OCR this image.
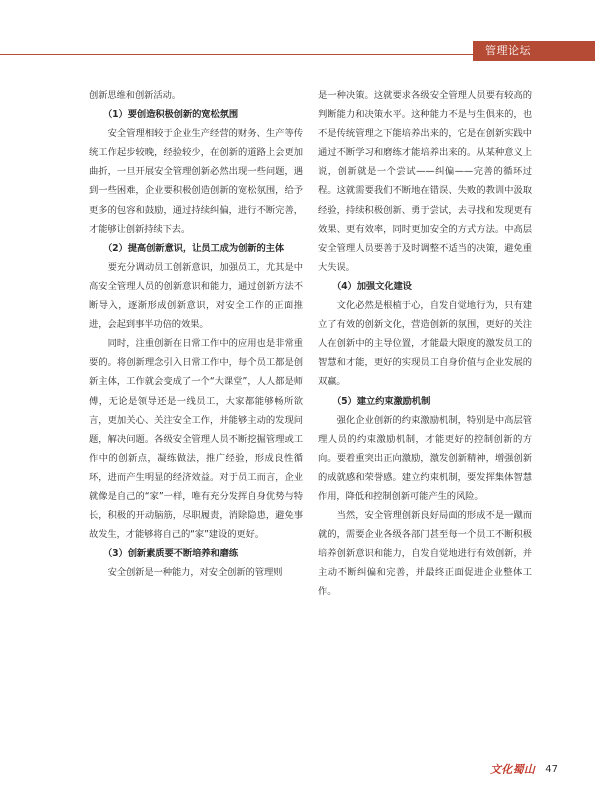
管理论坛

创新思维和创新活动。

（1）要创造积极创新的宽松氛围

安全管理相较于企业生产经营的财务、生产等传统工作起步较晚，经验较少，在创新的道路上会更加曲折，一旦开展安全管理创新必然出现一些问题，遇到一些困难，企业要积极创造创新的宽松氛围，给予更多的包容和鼓励，通过持续纠偏，进行不断完善，才能够让创新持续下去。

（2）提高创新意识，让员工成为创新的主体

要充分调动员工创新意识，加强员工，尤其是中高安全管理人员的创新意识和能力，通过创新方法不断导入，逐渐形成创新意识，对安全工作的正面推进，会起到事半功倍的效果。

同时，注重创新在日常工作中的应用也是非常重要的。将创新理念引入日常工作中，每个员工都是创新主体，工作就会变成了一个“大课堂”，人人都是师傅，无论是领导还是一线员工，大家都能够畅所欲言，更加关心、关注安全工作，并能够主动的发现问题，解决问题。各级安全管理人员不断挖掘管理或工作中的创新点，凝练做法，推广经验，形成良性循环，进而产生明显的经济效益。对于员工而言，企业就像是自己的“家”一样，唯有充分发挥自身优势与特长，积极的开动脑筋，尽职履责，消除隐患，避免事故发生，才能够将自己的“家”建设的更好。

（3）创新素质要不断培养和磨练

安全创新是一种能力，对安全创新的管理则

是一种决策。这就要求各级安全管理人员要有较高的判断能力和决策水平。这种能力不是与生俱来的，也不是传统管理之下能培养出来的，它是在创新实践中通过不断学习和磨练才能培养出来的。从某种意义上说，创新就是一个尝试——纠偏——完善的循环过程。这就需要我们不断地在错误、失败的教训中汲取经验，持续积极创新、勇于尝试，去寻找和发现更有效果、更有效率，同时更加安全的方式方法。中高层安全管理人员要善于及时调整不适当的决策，避免重大失误。

（4）加强文化建设

文化必然是根植于心，自发自觉地行为，只有建立了有效的创新文化，营造创新的氛围，更好的关注人在创新中的主导位置，才能最大限度的激发员工的智慧和才能，更好的实现员工自身价值与企业发展的双赢。

（5）建立约束激励机制

强化企业创新的约束激励机制，特别是中高层管理人员的约束激励机制，才能更好的控制创新的方向。要着重突出正向激励，激发创新精神，增强创新的成就感和荣誉感。建立约束机制，要发挥集体智慧作用，降低和控制创新可能产生的风险。

当然，安全管理创新良好局面的形成不是一蹴而就的，需要企业各级各部门甚至每一个员工不断积极培养创新意识和能力，自发自觉地进行有效创新，并主动不断纠偏和完善，并最终正面促进企业整体工作。

文化蜀山 47
